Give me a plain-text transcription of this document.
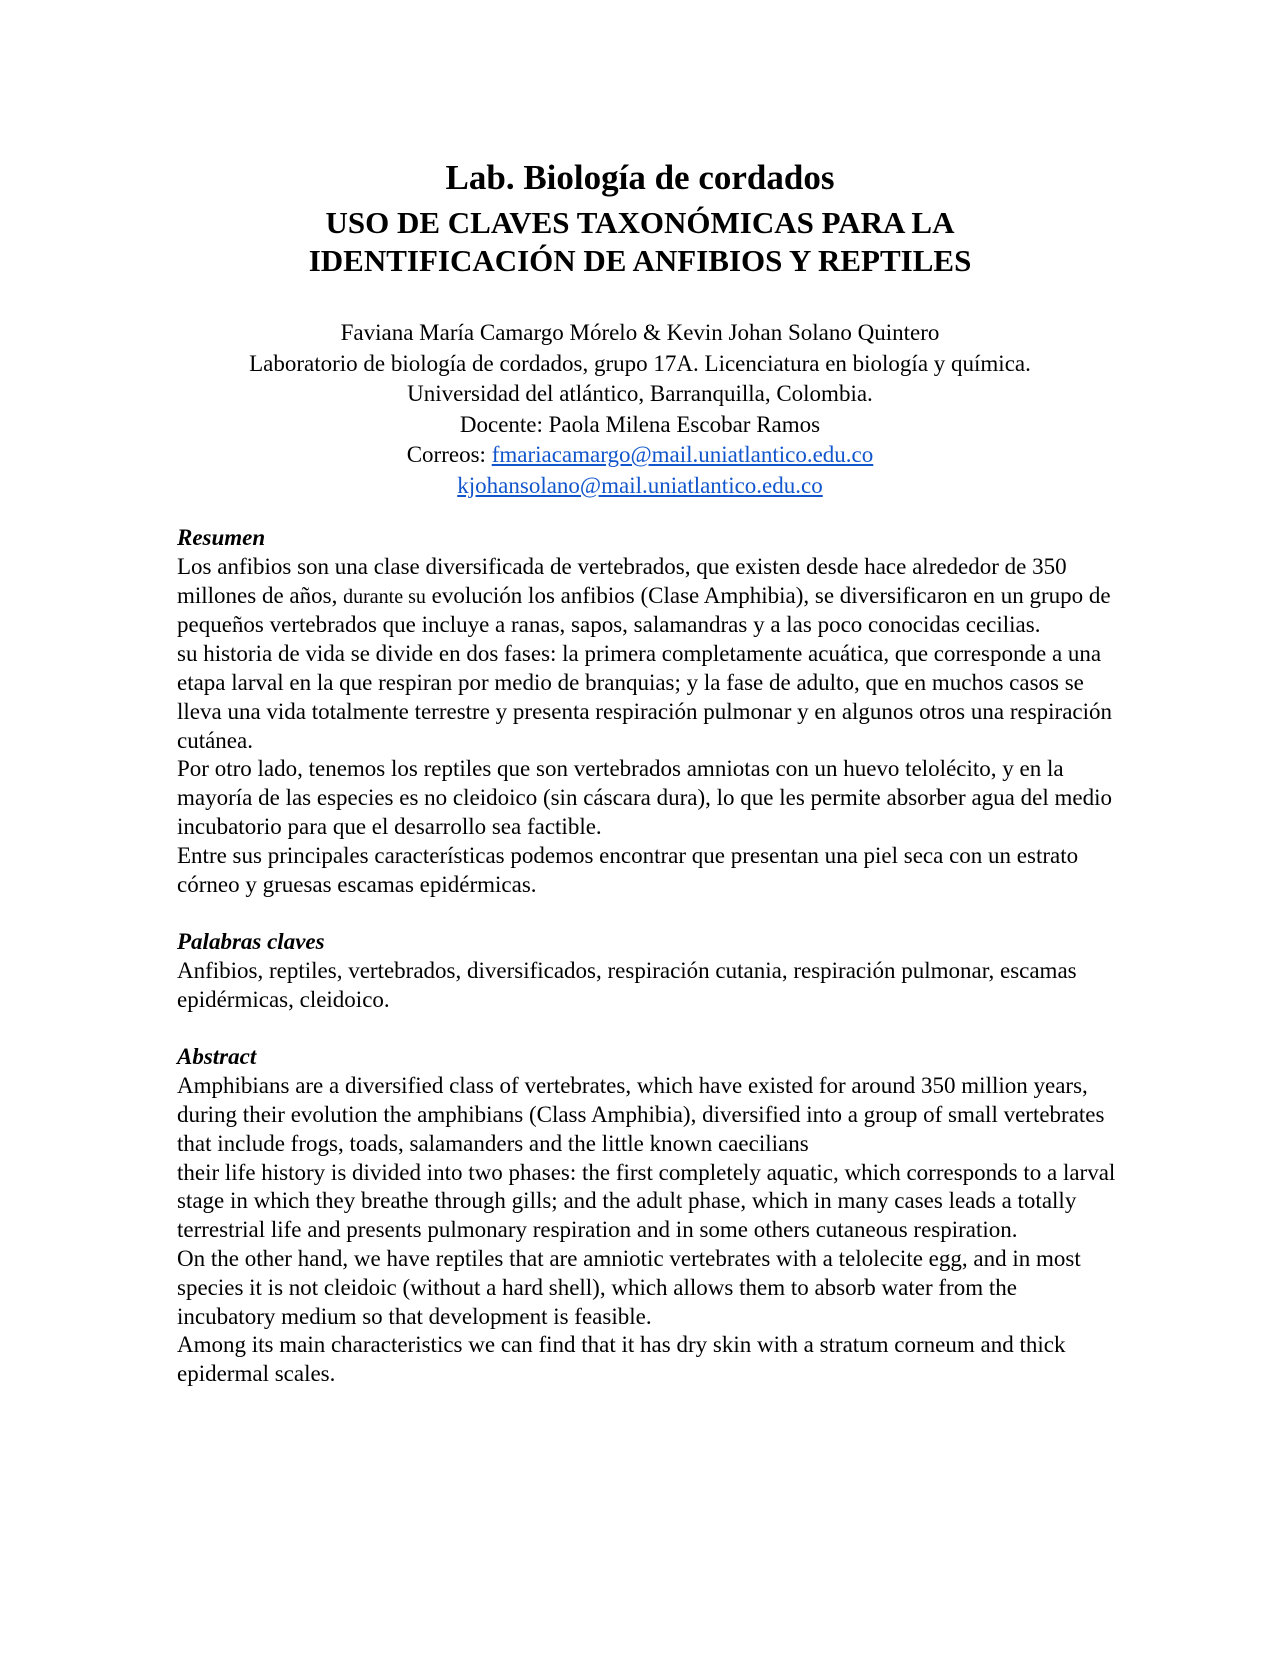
Lab. Biología de cordados
USO DE CLAVES TAXONÓMICAS PARA LA
IDENTIFICACIÓN DE ANFIBIOS Y REPTILES
Faviana María Camargo Mórelo & Kevin Johan Solano Quintero
Laboratorio de biología de cordados, grupo 17A. Licenciatura en biología y química.
Universidad del atlántico, Barranquilla, Colombia.
Docente: Paola Milena Escobar Ramos
Correos: fmariacamargo@mail.uniatlantico.edu.co
kjohansolano@mail.uniatlantico.edu.co

Resumen

Los anfibios son una clase diversificada de vertebrados, que existen desde hace alrededor de 350 millones de años, durante su evolución los anfibios (Clase Amphibia), se diversificaron en un grupo de pequeños vertebrados que incluye a ranas, sapos, salamandras y a las poco conocidas cecilias.

su historia de vida se divide en dos fases: la primera completamente acuática, que corresponde a una etapa larval en la que respiran por medio de branquias; y la fase de adulto, que en muchos casos se lleva una vida totalmente terrestre y presenta respiración pulmonar y en algunos otros una respiración cutánea.

Por otro lado, tenemos los reptiles que son vertebrados amniotas con un huevo telolécito, y en la mayoría de las especies es no cleidoico (sin cáscara dura), lo que les permite absorber agua del medio incubatorio para que el desarrollo sea factible.

Entre sus principales características podemos encontrar que presentan una piel seca con un estrato córneo y gruesas escamas epidérmicas.

Palabras claves

Anfibios, reptiles, vertebrados, diversificados, respiración cutania, respiración pulmonar, escamas epidérmicas, cleidoico.

Abstract

Amphibians are a diversified class of vertebrates, which have existed for around 350 million years, during their evolution the amphibians (Class Amphibia), diversified into a group of small vertebrates that include frogs, toads, salamanders and the little known caecilians

their life history is divided into two phases: the first completely aquatic, which corresponds to a larval stage in which they breathe through gills; and the adult phase, which in many cases leads a totally terrestrial life and presents pulmonary respiration and in some others cutaneous respiration.

On the other hand, we have reptiles that are amniotic vertebrates with a telolecite egg, and in most species it is not cleidoic (without a hard shell), which allows them to absorb water from the incubatory medium so that development is feasible.

Among its main characteristics we can find that it has dry skin with a stratum corneum and thick epidermal scales.
